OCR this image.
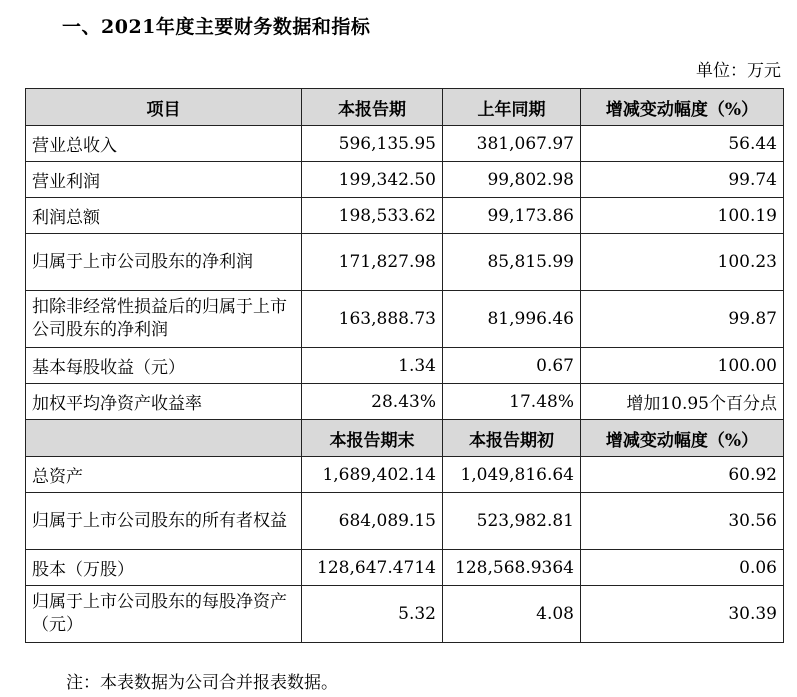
一、2021年度主要财务数据和指标
单位：万元
项目	本报告期	上年同期	增减变动幅度（%）
营业总收入	596,135.95	381,067.97	56.44
营业利润	199,342.50	99,802.98	99.74
利润总额	198,533.62	99,173.86	100.19
归属于上市公司股东的净利润	171,827.98	85,815.99	100.23
扣除非经常性损益后的归属于上市公司股东的净利润	163,888.73	81,996.46	99.87
基本每股收益（元）	1.34	0.67	100.00
加权平均净资产收益率	28.43%	17.48%	增加10.95个百分点
	本报告期末	本报告期初	增减变动幅度（%）
总资产	1,689,402.14	1,049,816.64	60.92
归属于上市公司股东的所有者权益	684,089.15	523,982.81	30.56
股本（万股）	128,647.4714	128,568.9364	0.06
归属于上市公司股东的每股净资产（元）	5.32	4.08	30.39
注：本表数据为公司合并报表数据。
